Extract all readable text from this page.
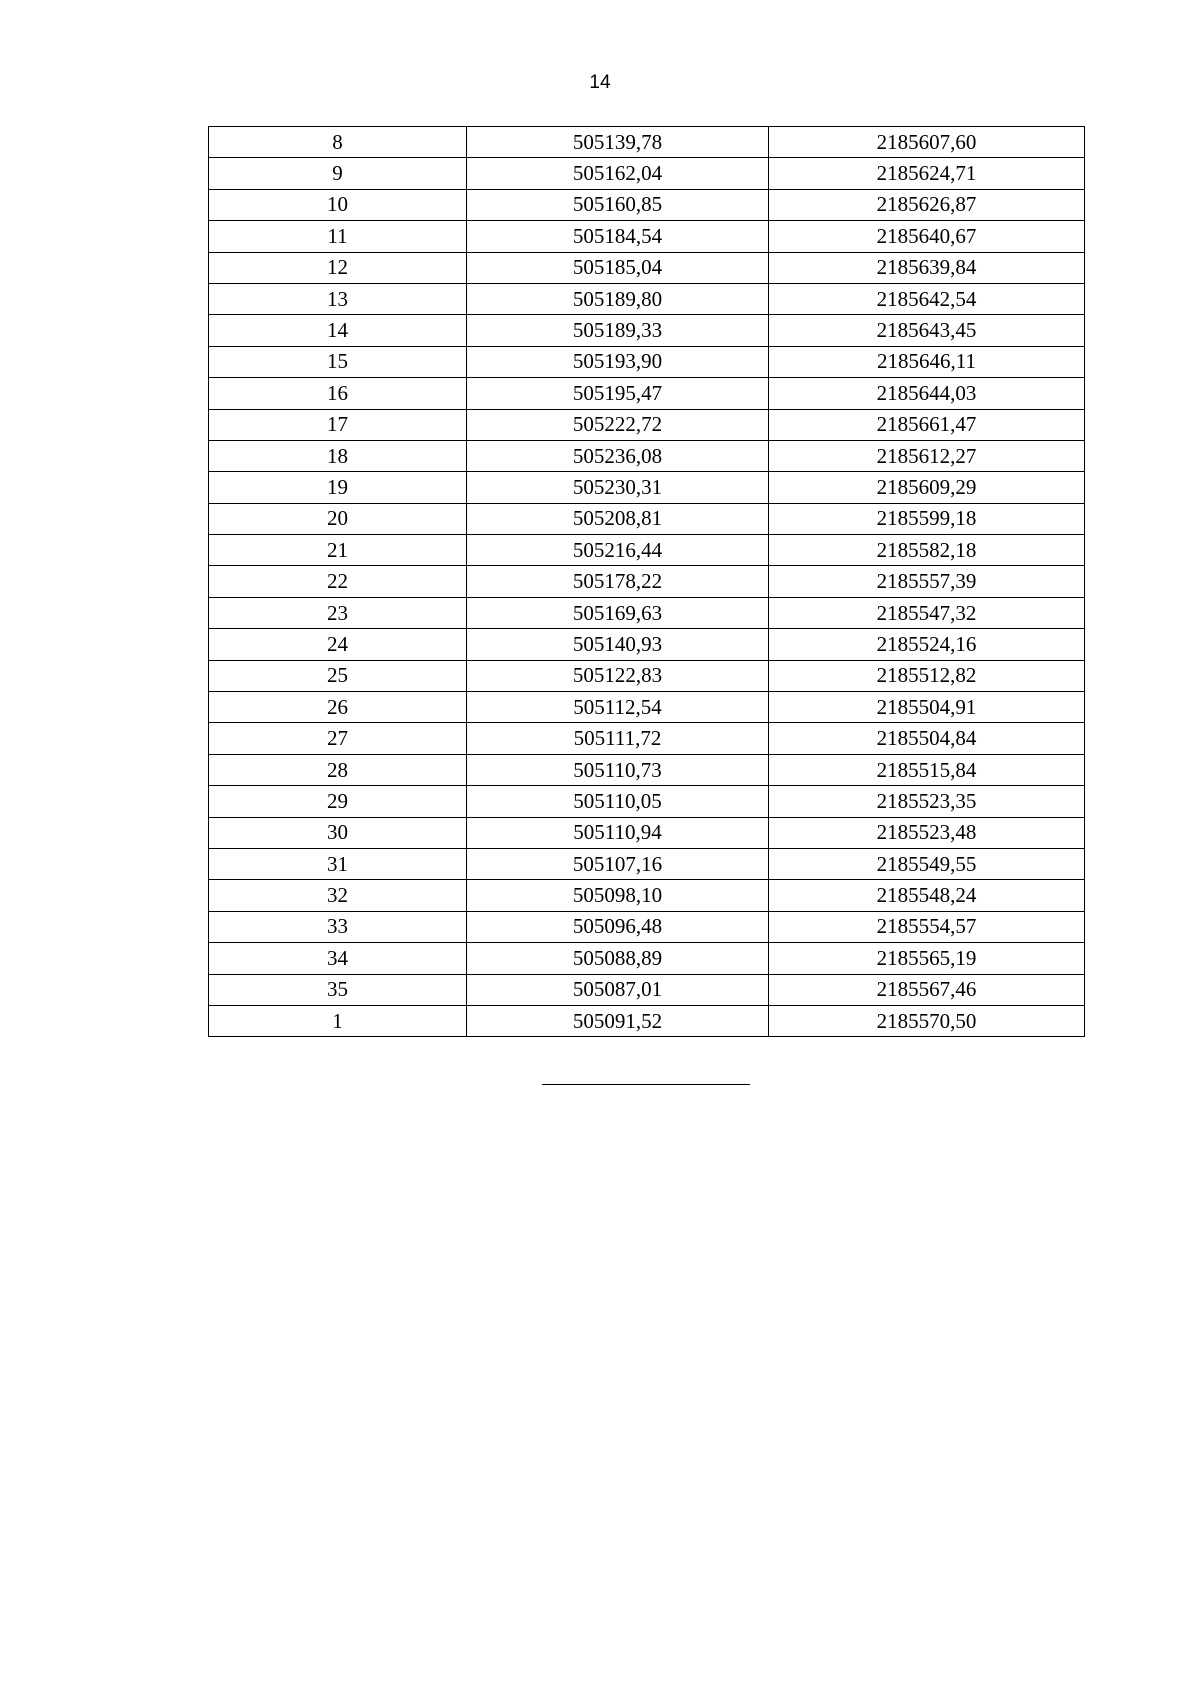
14
8	505139,78	2185607,60
9	505162,04	2185624,71
10	505160,85	2185626,87
11	505184,54	2185640,67
12	505185,04	2185639,84
13	505189,80	2185642,54
14	505189,33	2185643,45
15	505193,90	2185646,11
16	505195,47	2185644,03
17	505222,72	2185661,47
18	505236,08	2185612,27
19	505230,31	2185609,29
20	505208,81	2185599,18
21	505216,44	2185582,18
22	505178,22	2185557,39
23	505169,63	2185547,32
24	505140,93	2185524,16
25	505122,83	2185512,82
26	505112,54	2185504,91
27	505111,72	2185504,84
28	505110,73	2185515,84
29	505110,05	2185523,35
30	505110,94	2185523,48
31	505107,16	2185549,55
32	505098,10	2185548,24
33	505096,48	2185554,57
34	505088,89	2185565,19
35	505087,01	2185567,46
1	505091,52	2185570,50
